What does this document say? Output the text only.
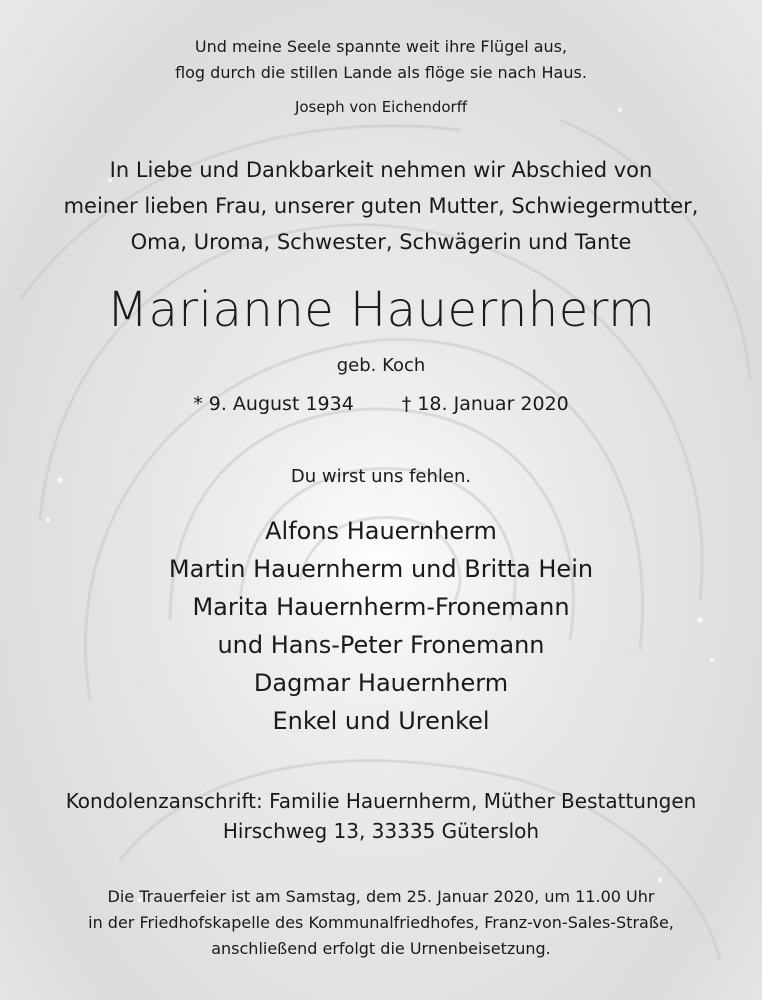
Und meine Seele spannte weit ihre Flügel aus,
flog durch die stillen Lande als flöge sie nach Haus.
Joseph von Eichendorff
In Liebe und Dankbarkeit nehmen wir Abschied von
meiner lieben Frau, unserer guten Mutter, Schwiegermutter,
Oma, Uroma, Schwester, Schwägerin und Tante
Marianne Hauernherm
geb. Koch
* 9. August 1934	† 18. Januar 2020
Du wirst uns fehlen.
Alfons Hauernherm
Martin Hauernherm und Britta Hein
Marita Hauernherm-Fronemann
und Hans-Peter Fronemann
Dagmar Hauernherm
Enkel und Urenkel
Kondolenzanschrift: Familie Hauernherm, Müther Bestattungen
Hirschweg 13, 33335 Gütersloh
Die Trauerfeier ist am Samstag, dem 25. Januar 2020, um 11.00 Uhr
in der Friedhofskapelle des Kommunalfriedhofes, Franz-von-Sales-Straße,
anschließend erfolgt die Urnenbeisetzung.
